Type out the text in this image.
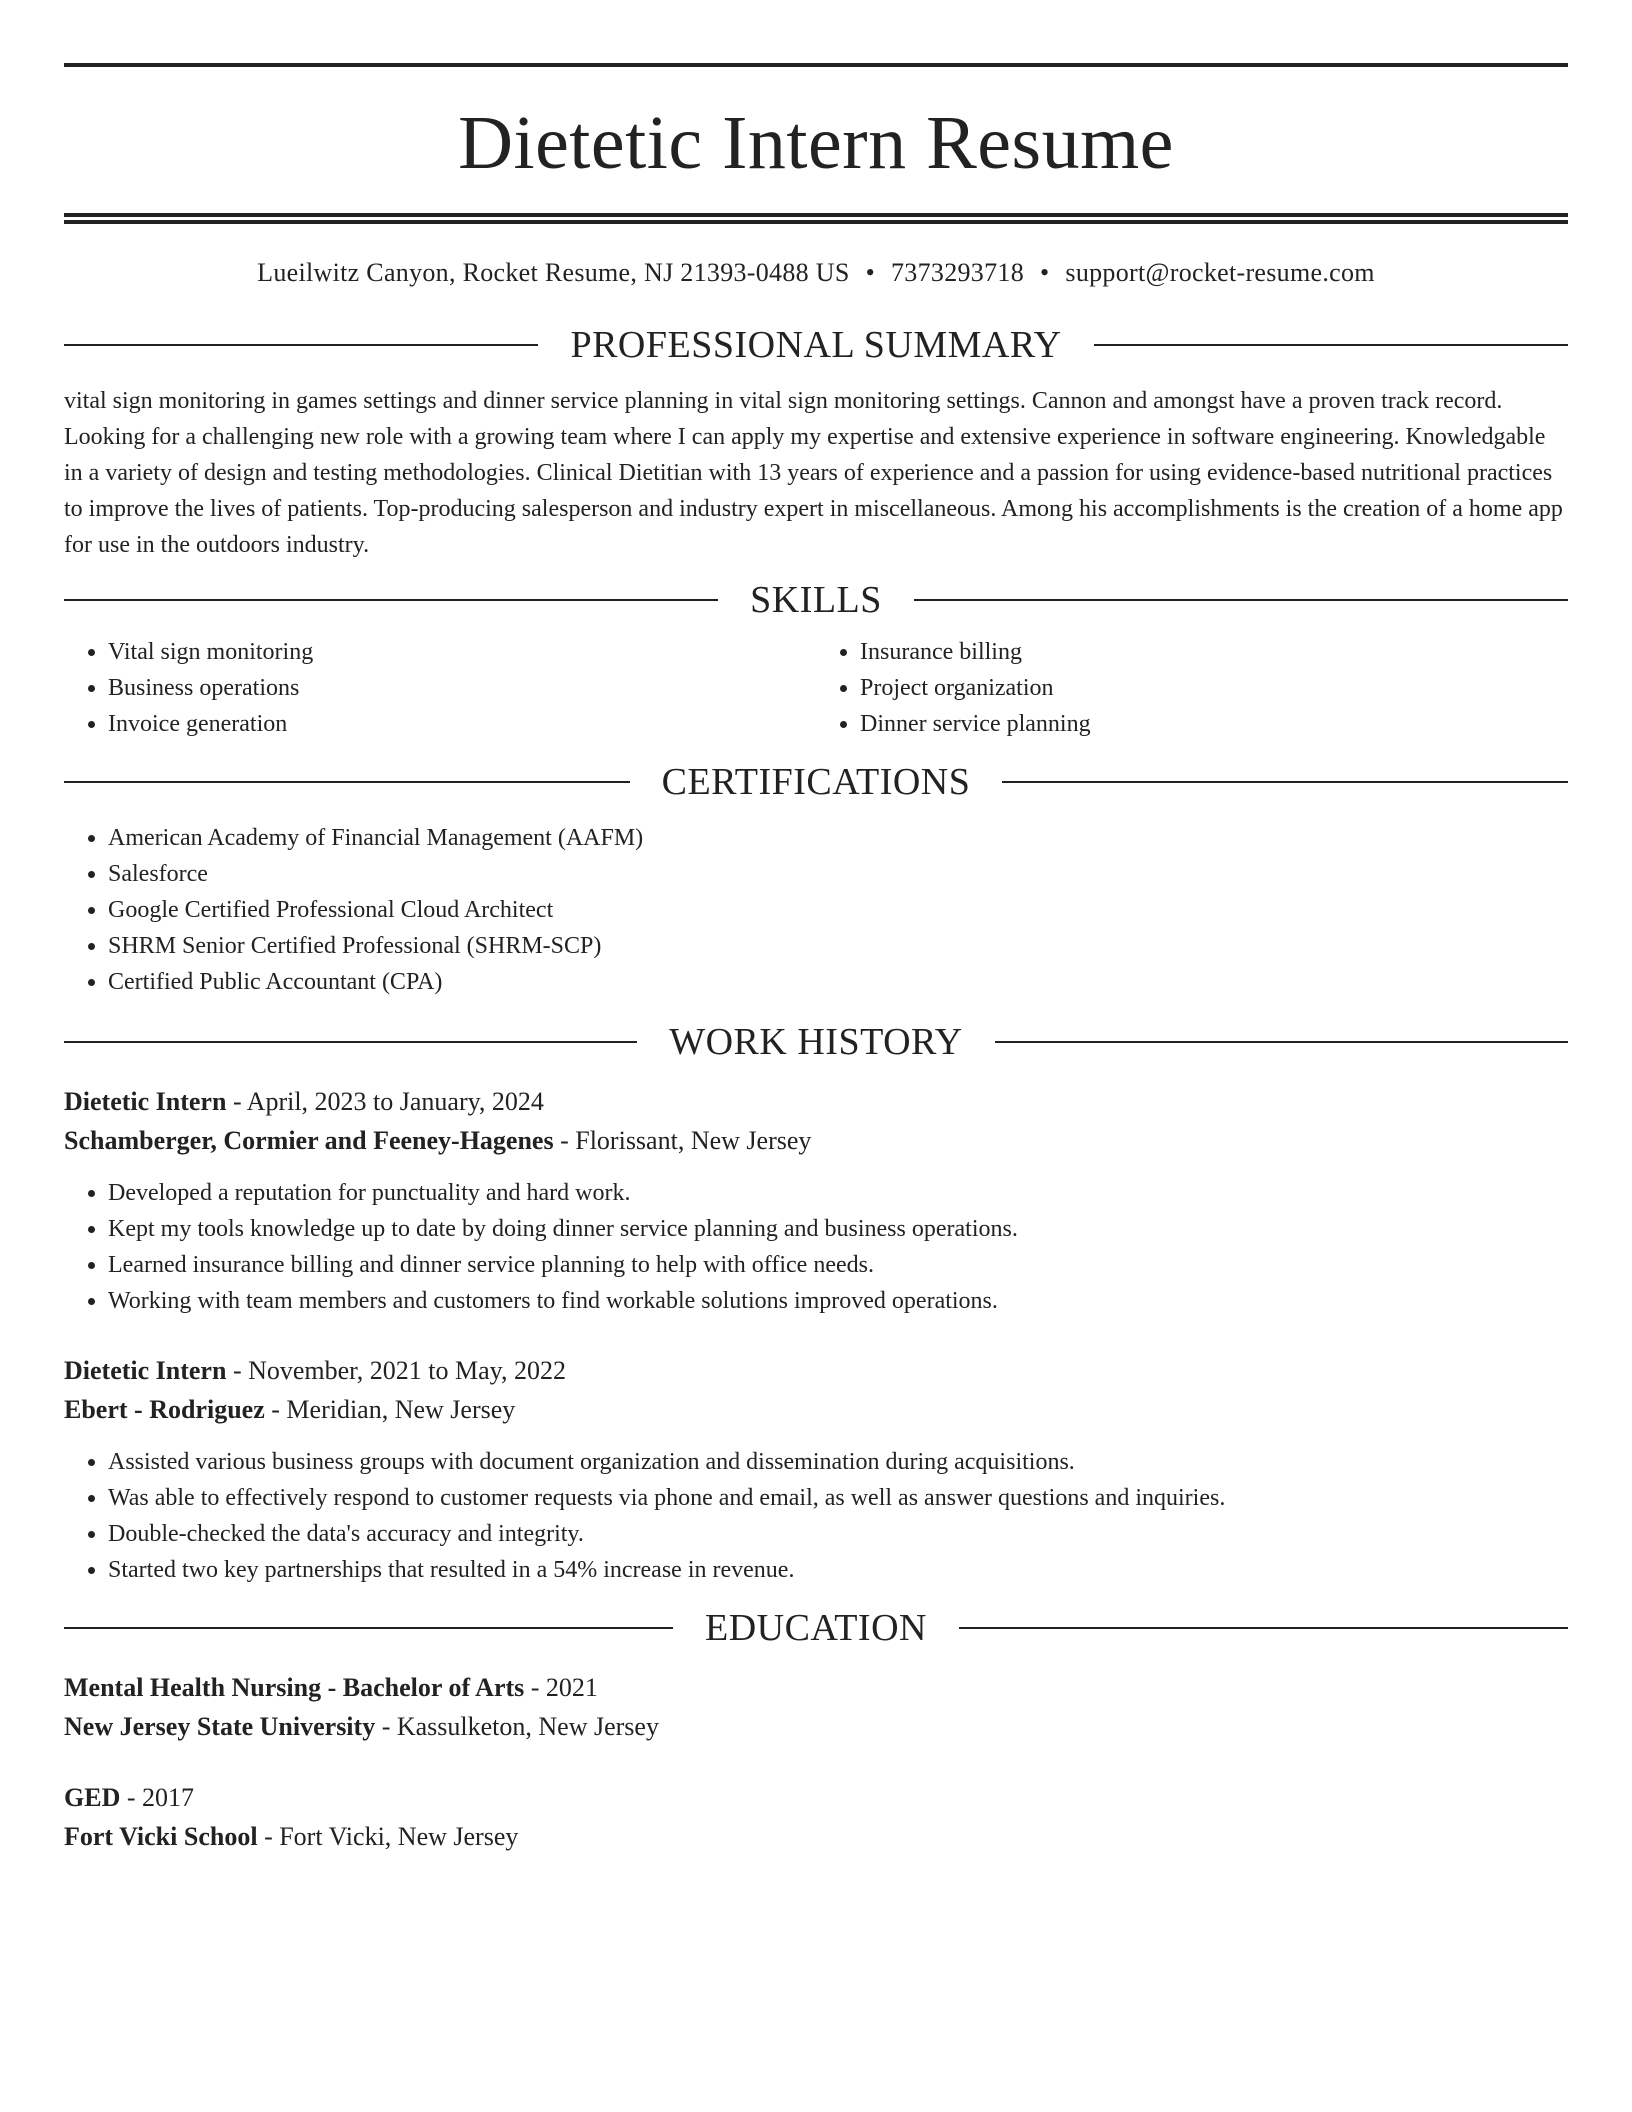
Dietetic Intern Resume
Lueilwitz Canyon, Rocket Resume, NJ 21393-0488 US • 7373293718 • support@rocket-resume.com
PROFESSIONAL SUMMARY

vital sign monitoring in games settings and dinner service planning in vital sign monitoring settings. Cannon and amongst have a proven track record. Looking for a challenging new role with a growing team where I can apply my expertise and extensive experience in software engineering. Knowledgable in a variety of design and testing methodologies. Clinical Dietitian with 13 years of experience and a passion for using evidence-based nutritional practices to improve the lives of patients. Top-producing salesperson and industry expert in miscellaneous. Among his accomplishments is the creation of a home app for use in the outdoors industry.

SKILLS
• Vital sign monitoring
• Business operations
• Invoice generation
• Insurance billing
• Project organization
• Dinner service planning
CERTIFICATIONS
• American Academy of Financial Management (AAFM)
• Salesforce
• Google Certified Professional Cloud Architect
• SHRM Senior Certified Professional (SHRM-SCP)
• Certified Public Accountant (CPA)
WORK HISTORY
Dietetic Intern - April, 2023 to January, 2024
Schamberger, Cormier and Feeney-Hagenes - Florissant, New Jersey
• Developed a reputation for punctuality and hard work.
• Kept my tools knowledge up to date by doing dinner service planning and business operations.
• Learned insurance billing and dinner service planning to help with office needs.
• Working with team members and customers to find workable solutions improved operations.
Dietetic Intern - November, 2021 to May, 2022
Ebert - Rodriguez - Meridian, New Jersey
• Assisted various business groups with document organization and dissemination during acquisitions.
• Was able to effectively respond to customer requests via phone and email, as well as answer questions and inquiries.
• Double-checked the data's accuracy and integrity.
• Started two key partnerships that resulted in a 54% increase in revenue.
EDUCATION
Mental Health Nursing - Bachelor of Arts - 2021
New Jersey State University - Kassulketon, New Jersey
GED - 2017
Fort Vicki School - Fort Vicki, New Jersey
